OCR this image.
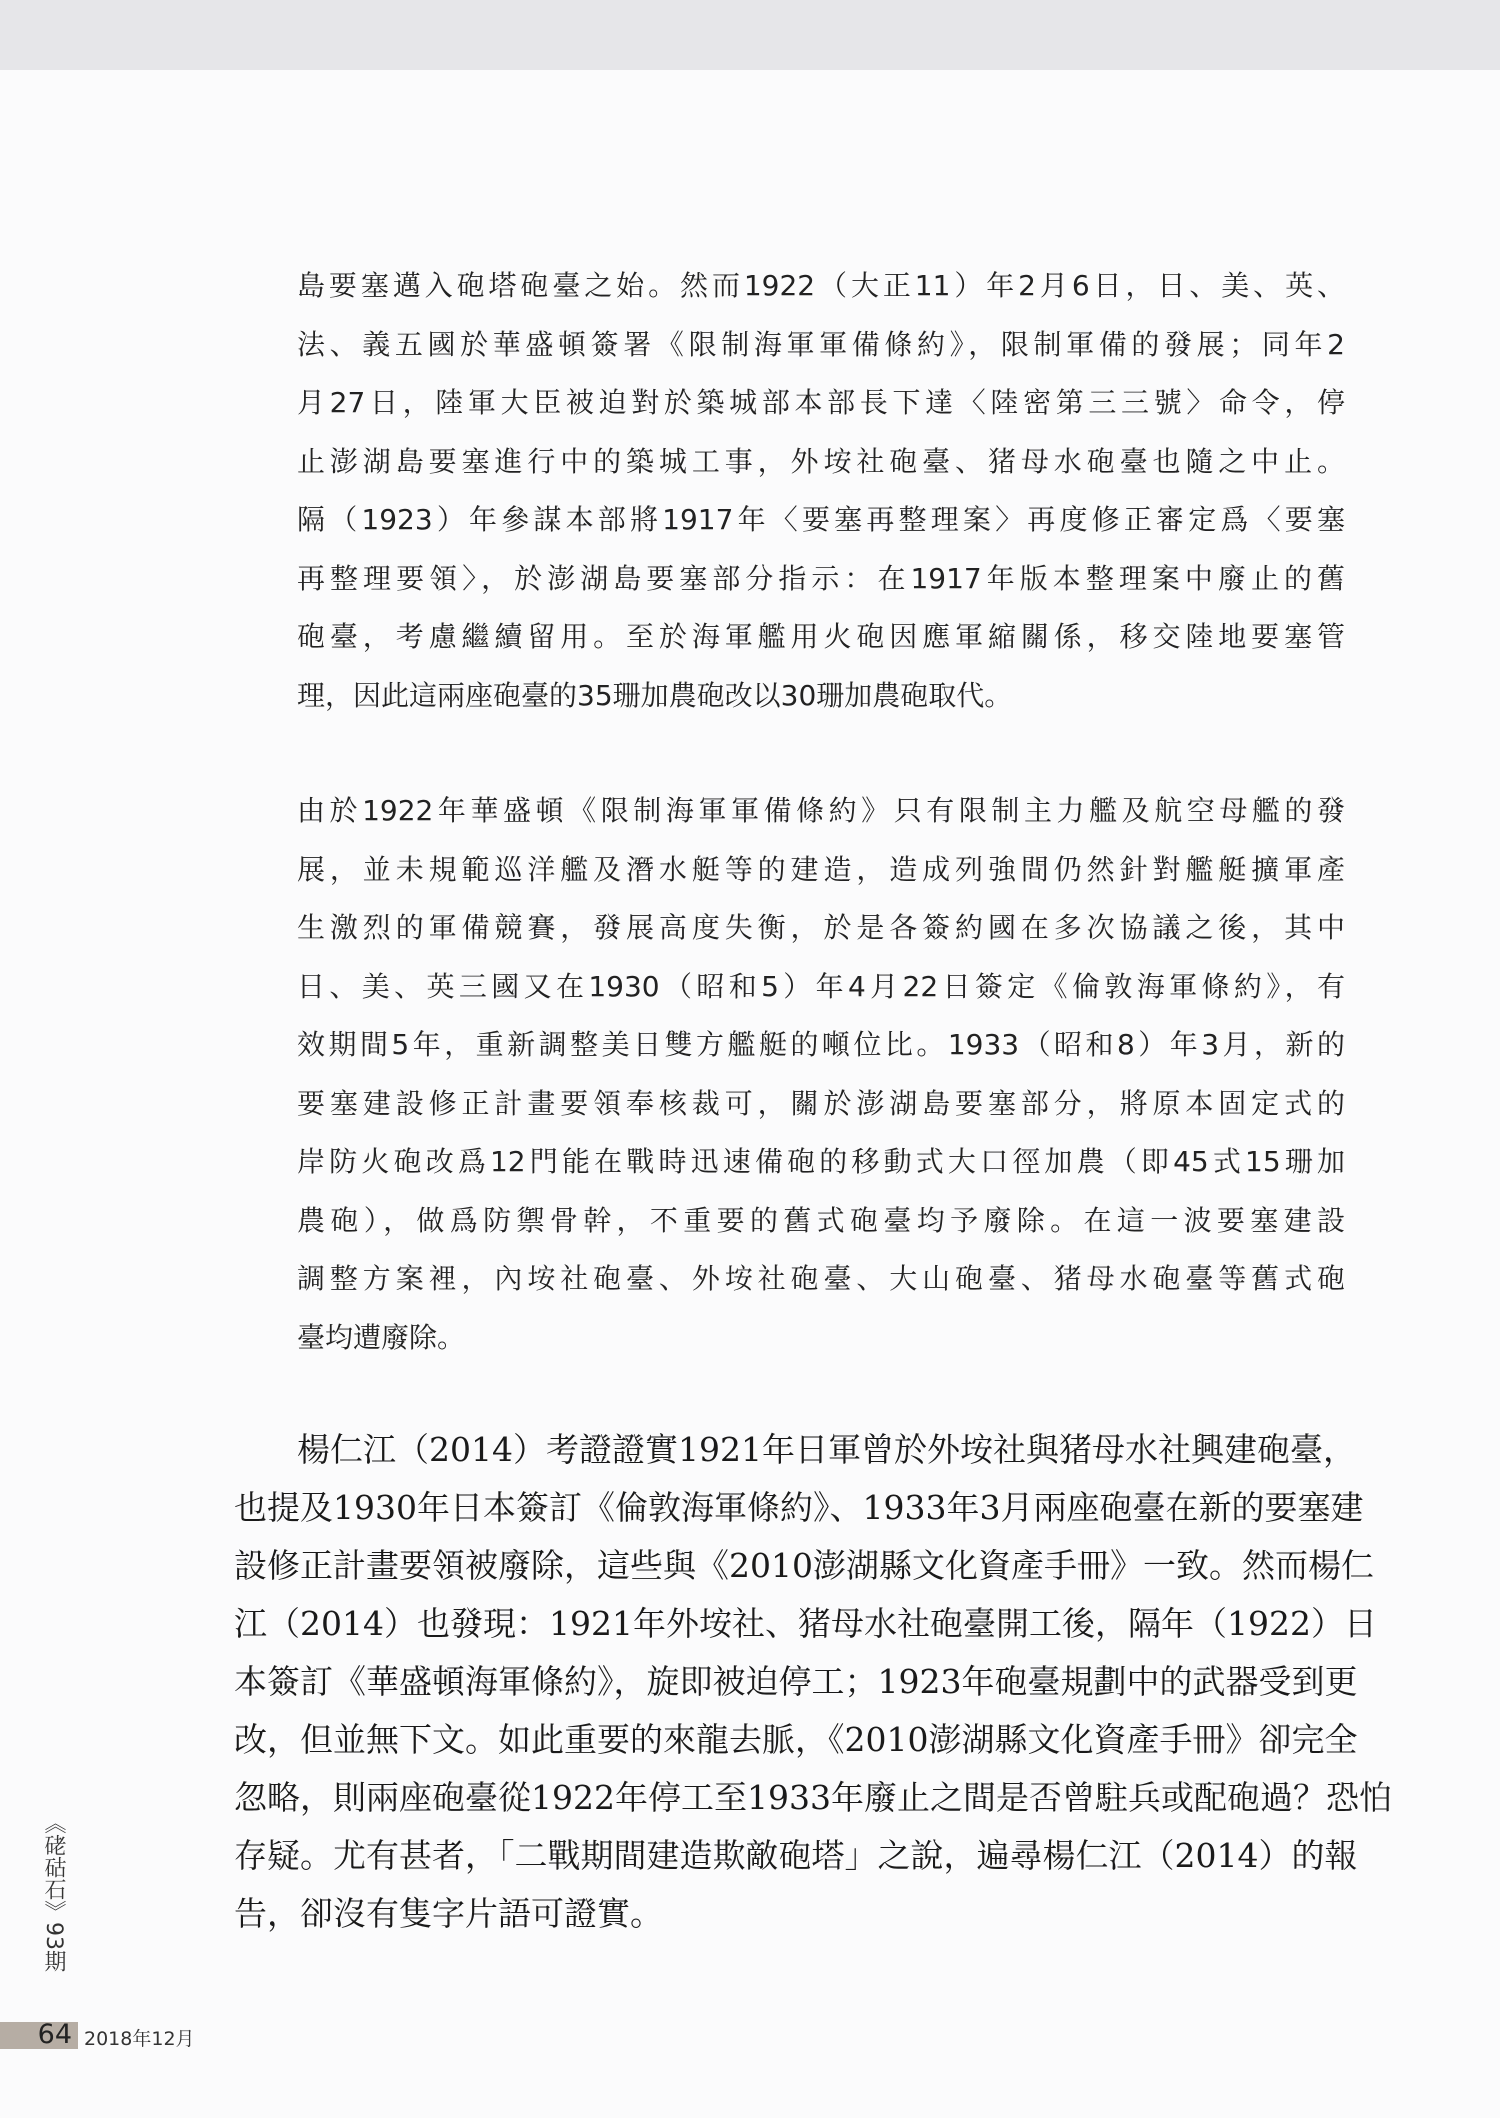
島要塞邁入砲塔砲臺之始。然而1922（大正11）年2月6日，日、美、英、
法、義五國於華盛頓簽署《限制海軍軍備條約》，限制軍備的發展；同年2
月27日，陸軍大臣被迫對於築城部本部長下達〈陸密第三三號〉命令，停
止澎湖島要塞進行中的築城工事，外垵社砲臺、猪母水砲臺也隨之中止。
隔（1923）年參謀本部將1917年〈要塞再整理案〉再度修正審定爲〈要塞
再整理要領〉，於澎湖島要塞部分指示：在1917年版本整理案中廢止的舊
砲臺，考慮繼續留用。至於海軍艦用火砲因應軍縮關係，移交陸地要塞管
理，因此這兩座砲臺的35珊加農砲改以30珊加農砲取代。
由於1922年華盛頓《限制海軍軍備條約》只有限制主力艦及航空母艦的發
展，並未規範巡洋艦及潛水艇等的建造，造成列強間仍然針對艦艇擴軍產
生激烈的軍備競賽，發展高度失衡，於是各簽約國在多次協議之後，其中
日、美、英三國又在1930（昭和5）年4月22日簽定《倫敦海軍條約》，有
效期間5年，重新調整美日雙方艦艇的噸位比。1933（昭和8）年3月，新的
要塞建設修正計畫要領奉核裁可，關於澎湖島要塞部分，將原本固定式的
岸防火砲改爲12門能在戰時迅速備砲的移動式大口徑加農（即45式15珊加
農砲），做爲防禦骨幹，不重要的舊式砲臺均予廢除。在這一波要塞建設
調整方案裡，內垵社砲臺、外垵社砲臺、大山砲臺、猪母水砲臺等舊式砲
臺均遭廢除。
楊仁江（2014）考證證實1921年日軍曾於外垵社與猪母水社興建砲臺，
也提及1930年日本簽訂《倫敦海軍條約》、1933年3月兩座砲臺在新的要塞建
設修正計畫要領被廢除，這些與《2010澎湖縣文化資產手冊》一致。然而楊仁
江（2014）也發現：1921年外垵社、猪母水社砲臺開工後，隔年（1922）日
本簽訂《華盛頓海軍條約》，旋即被迫停工；1923年砲臺規劃中的武器受到更
改，但並無下文。如此重要的來龍去脈，《2010澎湖縣文化資產手冊》卻完全
忽略，則兩座砲臺從1922年停工至1933年廢止之間是否曾駐兵或配砲過？恐怕
存疑。尤有甚者，「二戰期間建造欺敵砲塔」之說，遍尋楊仁江（2014）的報
告，卻沒有隻字片語可證實。
《硓𥑮石》93期
64 2018年12月
